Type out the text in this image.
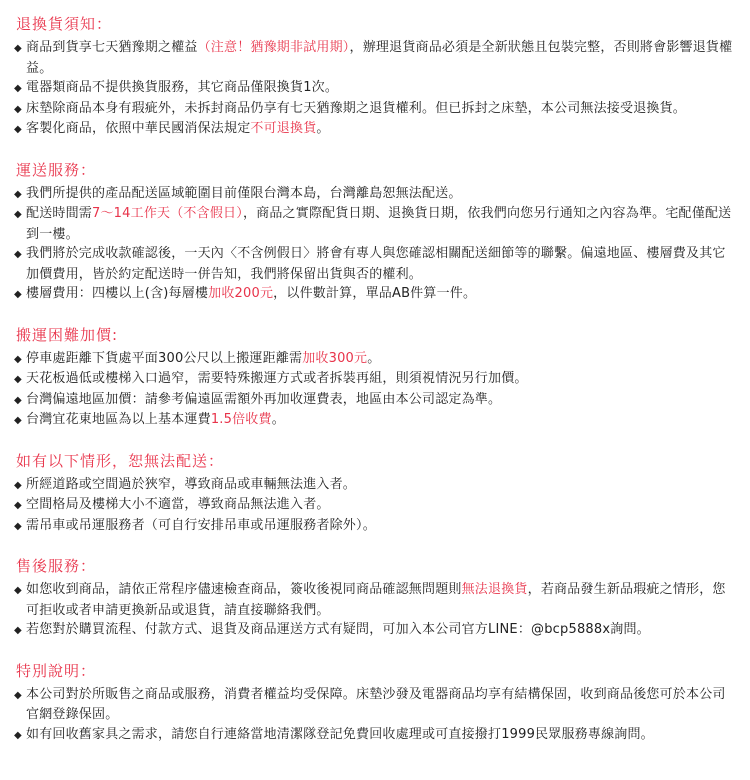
退換貨須知：

◆ 商品到貨享七天猶豫期之權益（注意！猶豫期非試用期），辦理退貨商品必須是全新狀態且包裝完整，否則將會影響退貨權益。

◆ 電器類商品不提供換貨服務，其它商品僅限換貨1次。

◆ 床墊除商品本身有瑕疵外，未拆封商品仍享有七天猶豫期之退貨權利。但已拆封之床墊，本公司無法接受退換貨。

◆ 客製化商品，依照中華民國消保法規定不可退換貨。

運送服務：

◆ 我們所提供的產品配送區域範圍目前僅限台灣本島，台灣離島恕無法配送。

◆ 配送時間需7～14工作天（不含假日），商品之實際配貨日期、退換貨日期，依我們向您另行通知之內容為準。宅配僅配送到一樓。

◆ 我們將於完成收款確認後，一天內〈不含例假日〉將會有專人與您確認相關配送細節等的聯繫。偏遠地區、樓層費及其它加價費用，皆於約定配送時一併告知，我們將保留出貨與否的權利。

◆ 樓層費用：四樓以上(含)每層樓加收200元，以件數計算，單品AB件算一件。

搬運困難加價:

◆ 停車處距離下貨處平面300公尺以上搬運距離需加收300元。

◆ 天花板過低或樓梯入口過窄，需要特殊搬運方式或者拆裝再組，則須視情況另行加價。

◆ 台灣偏遠地區加價：請參考偏遠區需額外再加收運費表，地區由本公司認定為準。

◆ 台灣宜花東地區為以上基本運費1.5倍收費。

如有以下情形，恕無法配送：

◆ 所經道路或空間過於狹窄，導致商品或車輛無法進入者。

◆ 空間格局及樓梯大小不適當，導致商品無法進入者。

◆ 需吊車或吊運服務者（可自行安排吊車或吊運服務者除外）。

售後服務：

◆ 如您收到商品，請依正常程序儘速檢查商品，簽收後視同商品確認無問題則無法退換貨，若商品發生新品瑕疵之情形，您可拒收或者申請更換新品或退貨，請直接聯絡我們。

◆ 若您對於購買流程、付款方式、退貨及商品運送方式有疑問，可加入本公司官方LINE：@bcp5888x詢問。

特別說明：

◆ 本公司對於所販售之商品或服務，消費者權益均受保障。床墊沙發及電器商品均享有結構保固，收到商品後您可於本公司官網登錄保固。

◆ 如有回收舊家具之需求，請您自行連絡當地清潔隊登記免費回收處理或可直接撥打1999民眾服務專線詢問。
